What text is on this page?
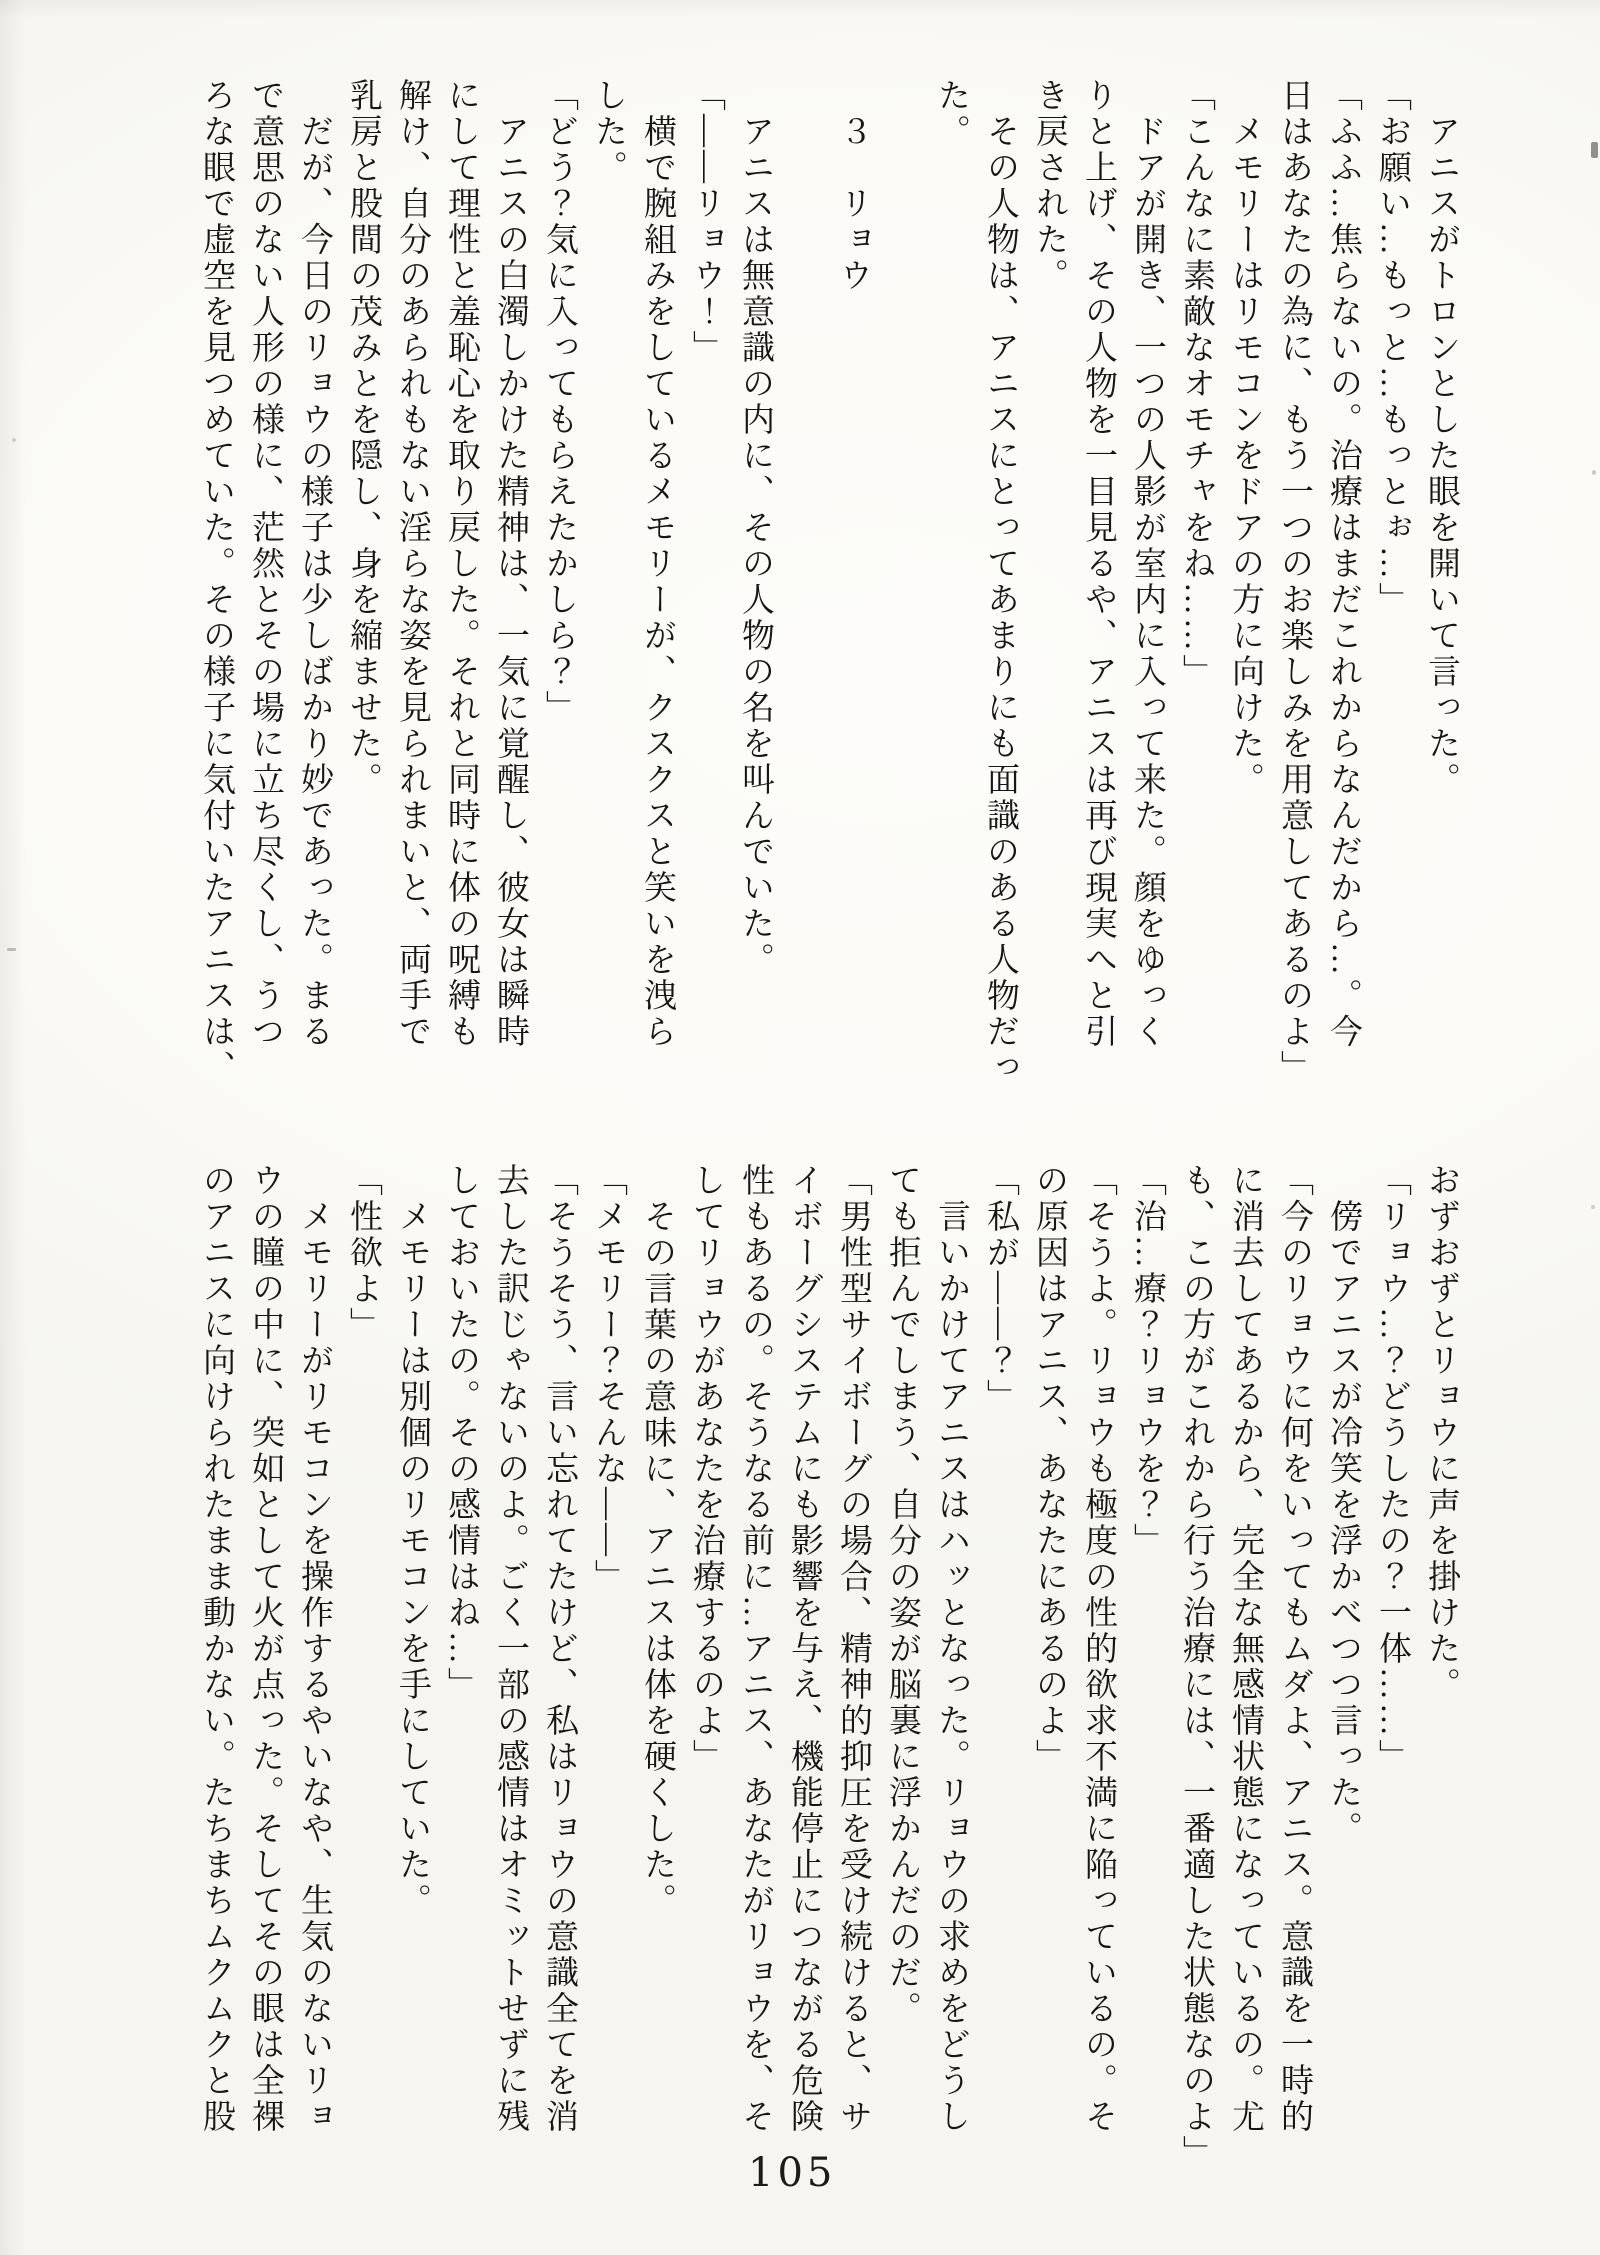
　アニスがトロンとした眼を開いて言った。
「お願い…もっと…もっとぉ…」
「ふふ…焦らないの。治療はまだこれからなんだから…。今
日はあなたの為に、もう一つのお楽しみを用意してあるのよ」
　メモリーはリモコンをドアの方に向けた。
「こんなに素敵なオモチャをね……」
　ドアが開き、一つの人影が室内に入って来た。顔をゆっく
りと上げ、その人物を一目見るや、アニスは再び現実へと引
き戻された。
　その人物は、アニスにとってあまりにも面識のある人物だっ
た。
　３　リョウ
　アニスは無意識の内に、その人物の名を叫んでいた。
「――リョウ！」
　横で腕組みをしているメモリーが、クスクスと笑いを洩ら
した。
「どう？気に入ってもらえたかしら？」
　アニスの白濁しかけた精神は、一気に覚醒し、彼女は瞬時
にして理性と羞恥心を取り戻した。それと同時に体の呪縛も
解け、自分のあられもない淫らな姿を見られまいと、両手で
乳房と股間の茂みとを隠し、身を縮ませた。
　だが、今日のリョウの様子は少しばかり妙であった。まる
で意思のない人形の様に、茫然とその場に立ち尽くし、うつ
ろな眼で虚空を見つめていた。その様子に気付いたアニスは、
おずおずとリョウに声を掛けた。
「リョウ…？どうしたの？一体……」
　傍でアニスが冷笑を浮かべつつ言った。
「今のリョウに何をいってもムダよ、アニス。意識を一時的
に消去してあるから、完全な無感情状態になっているの。尤
も、この方がこれから行う治療には、一番適した状態なのよ」
「治…療？リョウを？」
「そうよ。リョウも極度の性的欲求不満に陥っているの。そ
の原因はアニス、あなたにあるのよ」
「私が――？」
　言いかけてアニスはハッとなった。リョウの求めをどうし
ても拒んでしまう、自分の姿が脳裏に浮かんだのだ。
「男性型サイボーグの場合、精神的抑圧を受け続けると、サ
イボーグシステムにも影響を与え、機能停止につながる危険
性もあるの。そうなる前に…アニス、あなたがリョウを、そ
してリョウがあなたを治療するのよ」
　その言葉の意味に、アニスは体を硬くした。
「メモリー？そんな――」
「そうそう、言い忘れてたけど、私はリョウの意識全てを消
去した訳じゃないのよ。ごく一部の感情はオミットせずに残
しておいたの。その感情はね…」
　メモリーは別個のリモコンを手にしていた。
「性欲よ」
　メモリーがリモコンを操作するやいなや、生気のないリョ
ウの瞳の中に、突如として火が点った。そしてその眼は全裸
のアニスに向けられたまま動かない。たちまちムクムクと股
105
